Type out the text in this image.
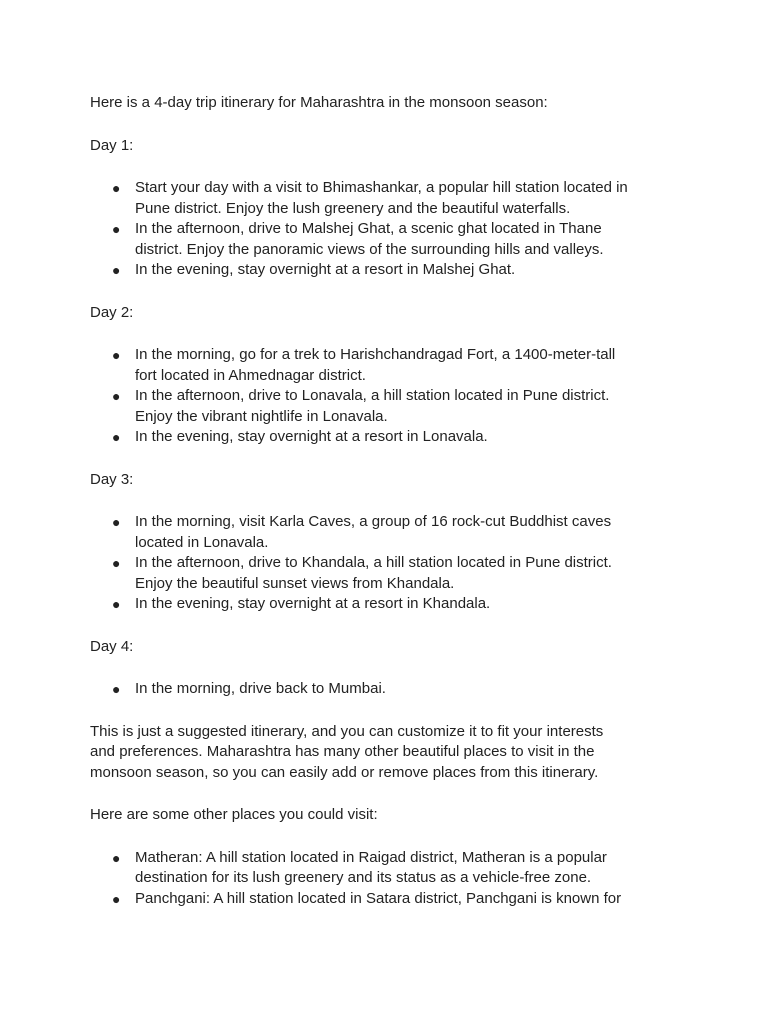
Here is a 4-day trip itinerary for Maharashtra in the monsoon season:

Day 1:

● Start your day with a visit to Bhimashankar, a popular hill station located in
Pune district. Enjoy the lush greenery and the beautiful waterfalls.
● In the afternoon, drive to Malshej Ghat, a scenic ghat located in Thane
district. Enjoy the panoramic views of the surrounding hills and valleys.
● In the evening, stay overnight at a resort in Malshej Ghat.

Day 2:

● In the morning, go for a trek to Harishchandragad Fort, a 1400-meter-tall
fort located in Ahmednagar district.
● In the afternoon, drive to Lonavala, a hill station located in Pune district.
Enjoy the vibrant nightlife in Lonavala.
● In the evening, stay overnight at a resort in Lonavala.

Day 3:

● In the morning, visit Karla Caves, a group of 16 rock-cut Buddhist caves
located in Lonavala.
● In the afternoon, drive to Khandala, a hill station located in Pune district.
Enjoy the beautiful sunset views from Khandala.
● In the evening, stay overnight at a resort in Khandala.

Day 4:

● In the morning, drive back to Mumbai.

This is just a suggested itinerary, and you can customize it to fit your interests
and preferences. Maharashtra has many other beautiful places to visit in the
monsoon season, so you can easily add or remove places from this itinerary.

Here are some other places you could visit:

● Matheran: A hill station located in Raigad district, Matheran is a popular
destination for its lush greenery and its status as a vehicle-free zone.
● Panchgani: A hill station located in Satara district, Panchgani is known for
